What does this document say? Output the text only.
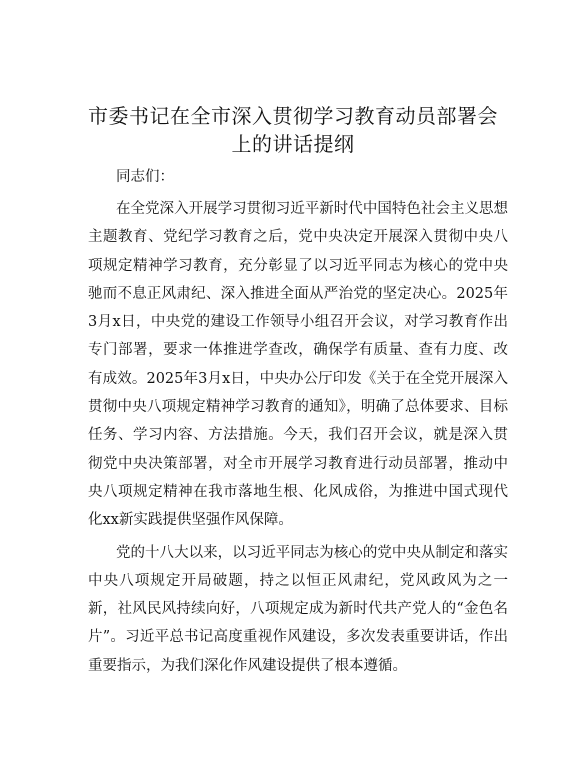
市委书记在全市深入贯彻学习教育动员部署会
上的讲话提纲

同志们：

在全党深入开展学习贯彻习近平新时代中国特色社会主义思想主题教育、党纪学习教育之后，党中央决定开展深入贯彻中央八项规定精神学习教育，充分彰显了以习近平同志为核心的党中央驰而不息正风肃纪、深入推进全面从严治党的坚定决心。2025年3月x日，中央党的建设工作领导小组召开会议，对学习教育作出专门部署，要求一体推进学查改，确保学有质量、查有力度、改有成效。2025年3月x日，中央办公厅印发《关于在全党开展深入贯彻中央八项规定精神学习教育的通知》，明确了总体要求、目标任务、学习内容、方法措施。今天，我们召开会议，就是深入贯彻党中央决策部署，对全市开展学习教育进行动员部署，推动中央八项规定精神在我市落地生根、化风成俗，为推进中国式现代化xx新实践提供坚强作风保障。

党的十八大以来，以习近平同志为核心的党中央从制定和落实中央八项规定开局破题，持之以恒正风肃纪，党风政风为之一新，社风民风持续向好，八项规定成为新时代共产党人的“金色名片”。习近平总书记高度重视作风建设，多次发表重要讲话，作出重要指示，为我们深化作风建设提供了根本遵循。
